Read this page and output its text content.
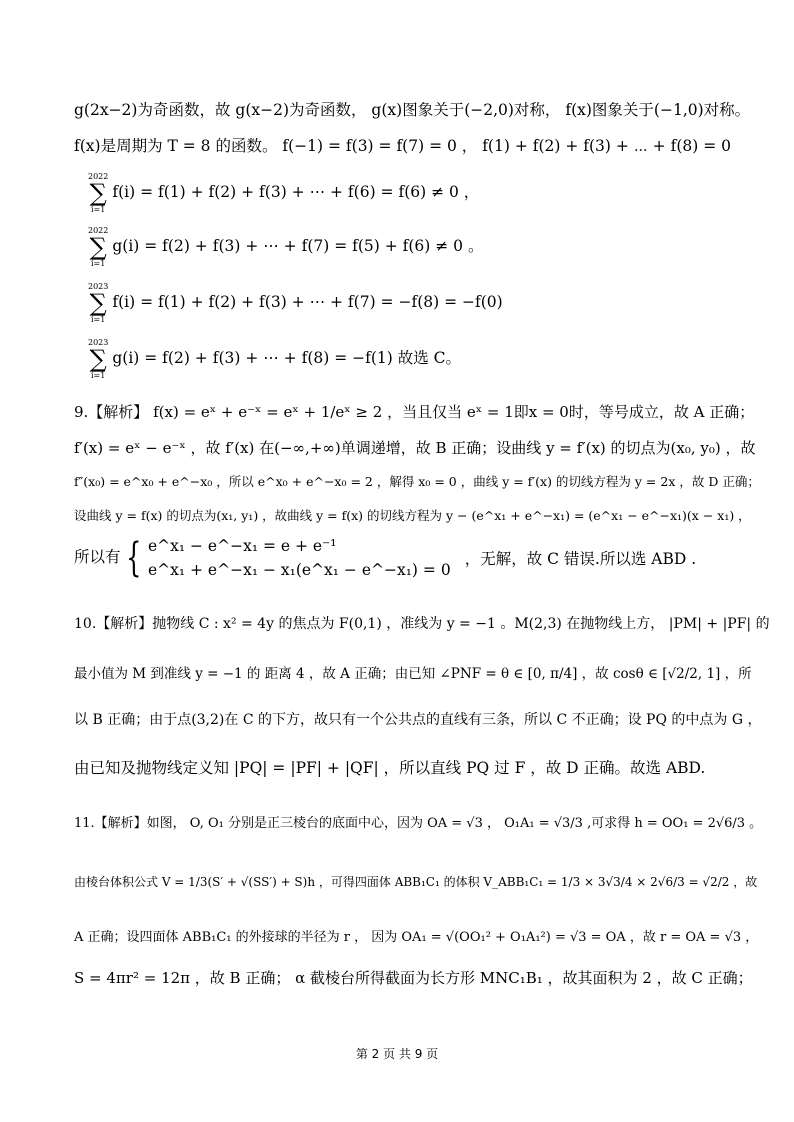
g(2x−2)为奇函数，故 g(x−2)为奇函数， g(x)图象关于(−2,0)对称， f(x)图象关于(−1,0)对称。
f(x)是周期为 T = 8 的函数。 f(−1) = f(3) = f(7) = 0 ， f(1) + f(2) + f(3) + ⋯ + f(8) = 0
2022
∑
i=1
f(i) = f(1) + f(2) + f(3) + ⋯ + f(6) = f(6) ≠ 0 ，
2022
∑
i=1
g(i) = f(2) + f(3) + ⋯ + f(7) = f(5) + f(6) ≠ 0 。
2023
∑
i=1
f(i) = f(1) + f(2) + f(3) + ⋯ + f(7) = −f(8) = −f(0)
2023
∑
i=1
g(i) = f(2) + f(3) + ⋯ + f(8) = −f(1) 故选 C。
9.【解析】 f(x) = eˣ + e⁻ˣ = eˣ + 1/eˣ ≥ 2 ，当且仅当 eˣ = 1即x = 0时，等号成立，故 A 正确；
f′(x) = eˣ − e⁻ˣ ，故 f′(x) 在(−∞,+∞)单调递增，故 B 正确；设曲线 y = f′(x) 的切点为(x₀, y₀) ，故
f″(x₀) = e^x₀ + e^−x₀ ，所以 e^x₀ + e^−x₀ = 2 ，解得 x₀ = 0 ，曲线 y = f′(x) 的切线方程为 y = 2x ，故 D 正确；
设曲线 y = f(x) 的切点为(x₁, y₁) ，故曲线 y = f(x) 的切线方程为 y − (e^x₁ + e^−x₁) = (e^x₁ − e^−x₁)(x − x₁) ，
所以有 { e^x₁ − e^−x₁ = e + e⁻¹
e^x₁ + e^−x₁ − x₁(e^x₁ − e^−x₁) = 0
，无解，故 C 错误.所以选 ABD .
10.【解析】抛物线 C : x² = 4y 的焦点为 F(0,1) ，准线为 y = −1 。M(2,3) 在抛物线上方， |PM| + |PF| 的
最小值为 M 到准线 y = −1 的 距离 4 ，故 A 正确；由已知 ∠PNF = θ ∈ [0, π/4] ，故 cosθ ∈ [√2/2, 1] ，所
以 B 正确；由于点(3,2)在 C 的下方，故只有一个公共点的直线有三条，所以 C 不正确；设 PQ 的中点为 G ，
由已知及抛物线定义知 |PQ| = |PF| + |QF| ，所以直线 PQ 过 F ，故 D 正确。故选 ABD.
11.【解析】如图， O, O₁ 分别是正三棱台的底面中心，因为 OA = √3 ， O₁A₁ = √3/3 ,可求得 h = OO₁ = 2√6/3 。
由棱台体积公式 V = 1/3(S′ + √(SS′) + S)h ，可得四面体 ABB₁C₁ 的体积 V_ABB₁C₁ = 1/3 × 3√3/4 × 2√6/3 = √2/2 ，故
A 正确；设四面体 ABB₁C₁ 的外接球的半径为 r ， 因为 OA₁ = √(OO₁² + O₁A₁²) = √3 = OA ，故 r = OA = √3 ，
S = 4πr² = 12π ，故 B 正确； α 截棱台所得截面为长方形 MNC₁B₁ ，故其面积为 2 ，故 C 正确；
第 2 页 共 9 页
